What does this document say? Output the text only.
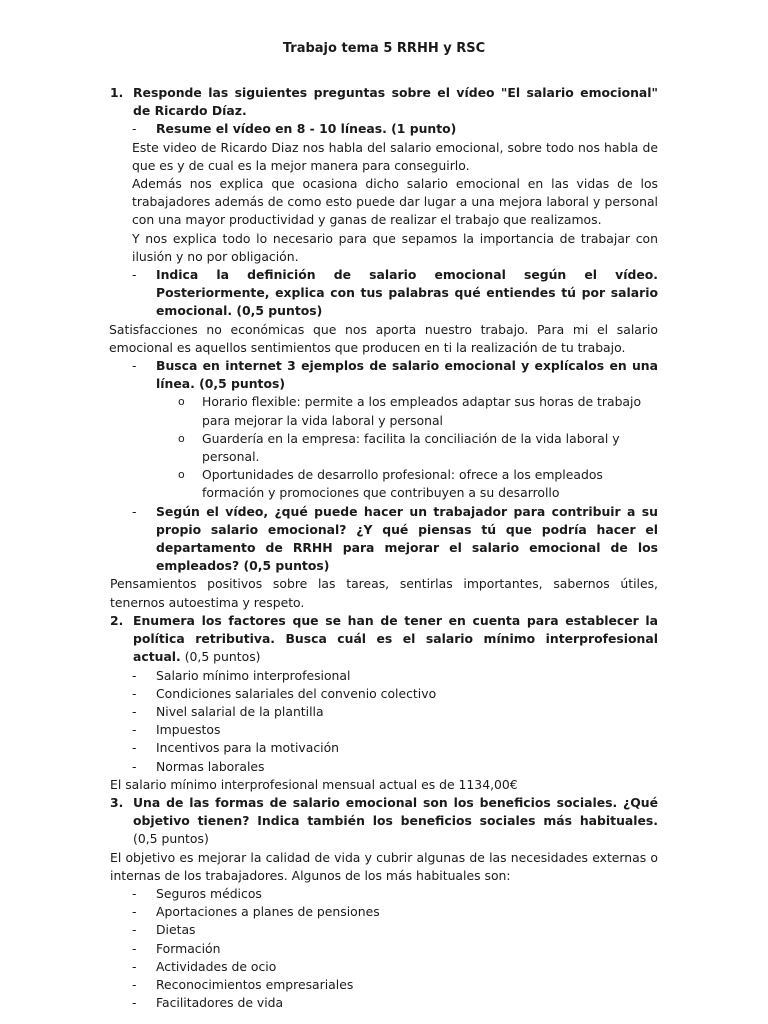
Trabajo tema 5 RRHH y RSC
1. Responde las siguientes preguntas sobre el vídeo "El salario emocional" de Ricardo Díaz.
- Resume el vídeo en 8 - 10 líneas. (1 punto)
Este video de Ricardo Diaz nos habla del salario emocional, sobre todo nos habla de que es y de cual es la mejor manera para conseguirlo.
Además nos explica que ocasiona dicho salario emocional en las vidas de los trabajadores además de como esto puede dar lugar a una mejora laboral y personal con una mayor productividad y ganas de realizar el trabajo que realizamos.
Y nos explica todo lo necesario para que sepamos la importancia de trabajar con ilusión y no por obligación.
- Indica la definición de salario emocional según el vídeo. Posteriormente, explica con tus palabras qué entiendes tú por salario emocional. (0,5 puntos)
Satisfacciones no económicas que nos aporta nuestro trabajo. Para mi el salario emocional es aquellos sentimientos que producen en ti la realización de tu trabajo.
- Busca en internet 3 ejemplos de salario emocional y explícalos en una línea. (0,5 puntos)
o Horario flexible: permite a los empleados adaptar sus horas de trabajo para mejorar la vida laboral y personal
o Guardería en la empresa: facilita la conciliación de la vida laboral y personal.
o Oportunidades de desarrollo profesional: ofrece a los empleados formación y promociones que contribuyen a su desarrollo
- Según el vídeo, ¿qué puede hacer un trabajador para contribuir a su propio salario emocional? ¿Y qué piensas tú que podría hacer el departamento de RRHH para mejorar el salario emocional de los empleados? (0,5 puntos)
Pensamientos positivos sobre las tareas, sentirlas importantes, sabernos útiles, tenernos autoestima y respeto.
2. Enumera los factores que se han de tener en cuenta para establecer la política retributiva. Busca cuál es el salario mínimo interprofesional actual. (0,5 puntos)
- Salario mínimo interprofesional
- Condiciones salariales del convenio colectivo
- Nivel salarial de la plantilla
- Impuestos
- Incentivos para la motivación
- Normas laborales
El salario mínimo interprofesional mensual actual es de 1134,00€
3. Una de las formas de salario emocional son los beneficios sociales. ¿Qué objetivo tienen? Indica también los beneficios sociales más habituales. (0,5 puntos)
El objetivo es mejorar la calidad de vida y cubrir algunas de las necesidades externas o internas de los trabajadores. Algunos de los más habituales son:
- Seguros médicos
- Aportaciones a planes de pensiones
- Dietas
- Formación
- Actividades de ocio
- Reconocimientos empresariales
- Facilitadores de vida
